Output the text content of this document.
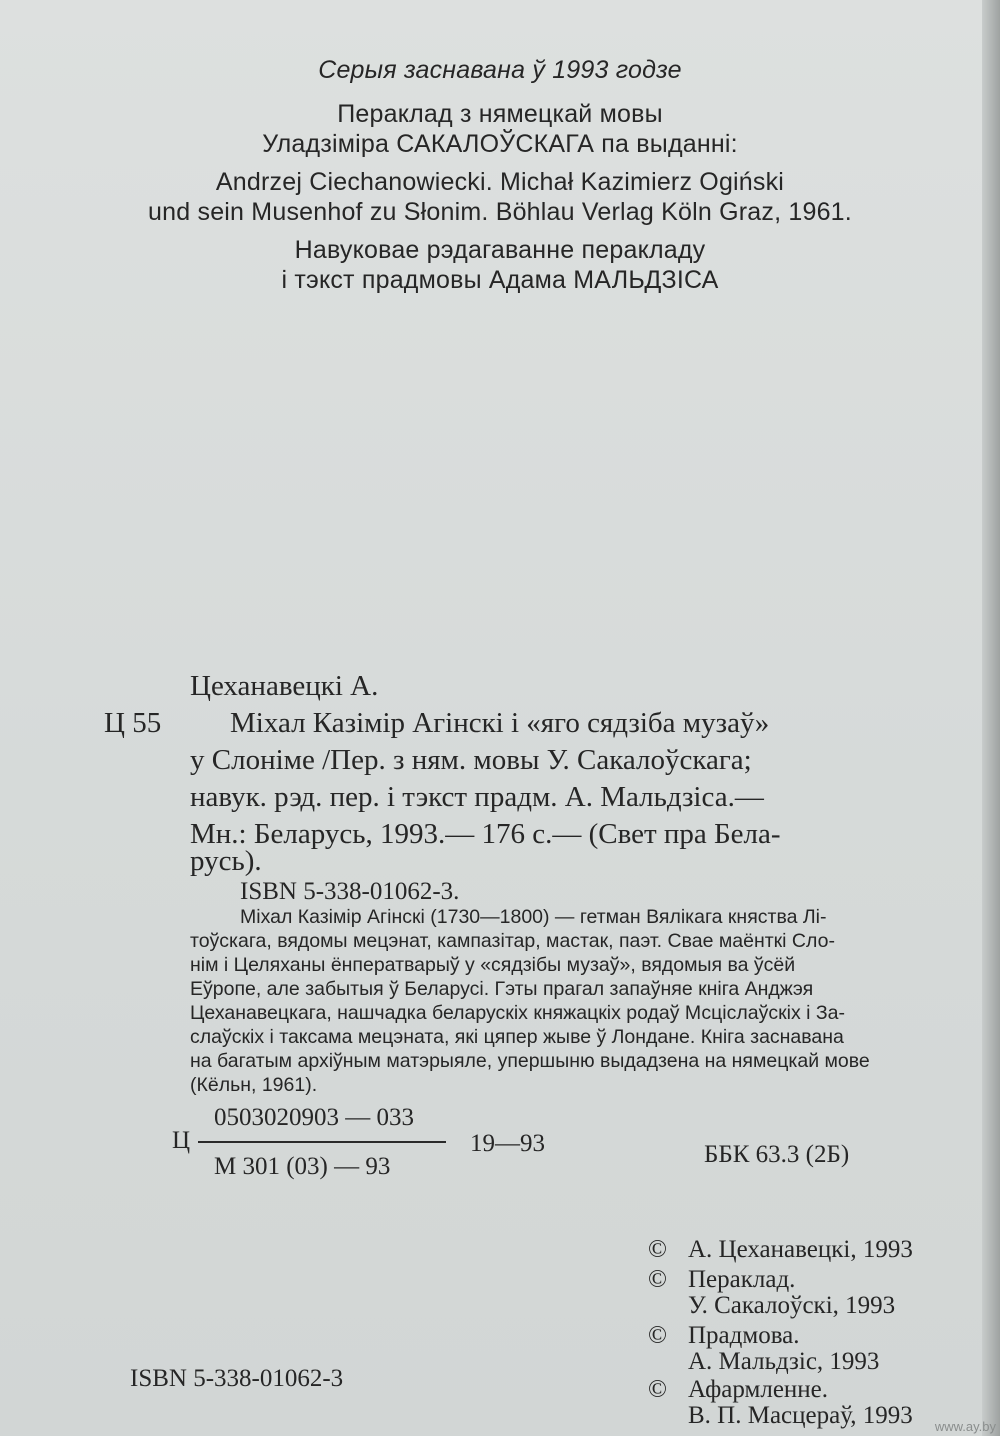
Серыя заснавана ў 1993 годзе
Пераклад з нямецкай мовы
Уладзіміра САКАЛОЎСКАГА па выданні:
Andrzej Ciechanowiecki. Michał Kazimierz Ogiński
und sein Musenhof zu Słonim. Böhlau Verlag Köln Graz, 1961.
Навуковае рэдагаванне перакладу
і тэкст прадмовы Адама МАЛЬДЗІСА
Цеханавецкі А.
Ц 55 Міхал Казімір Агінскі і «яго сядзіба музаў»
у Слоніме /Пер. з ням. мовы У. Сакалоўскага;
навук. рэд. пер. і тэкст прадм. А. Мальдзіса.—
Мн.: Беларусь, 1993.— 176 с.— (Свет пра Бела-
русь).
ISBN 5-338-01062-3.
Міхал Казімір Агінскі (1730—1800) — гетман Вялікага княства Лі-
тоўскага, вядомы мецэнат, кампазітар, мастак, паэт. Свае маёнткі Сло-
нім і Целяханы ёнператварыў у «сядзібы музаў», вядомыя ва ўсёй
Еўропе, але забытыя ў Беларусі. Гэты прагал запаўняе кніга Анджэя
Цеханавецкага, нашчадка беларускіх княжацкіх родаў Мсціслаўскіх і За-
слаўскіх і таксама мецэната, які цяпер жыве ў Лондане. Кніга заснавана
на багатым архіўным матэрыяле, упершыню выдадзена на нямецкай мове
(Кёльн, 1961).
0503020903 — 033
Ц	19—93
М 301 (03) — 93	ББК 63.3 (2Б)
ISBN 5-338-01062-3
© А. Цеханавецкі, 1993
© Пераклад.
У. Сакалоўскі, 1993
© Прадмова.
А. Мальдзіс, 1993
© Афармленне.
В. П. Масцераў, 1993 www.ay.by
